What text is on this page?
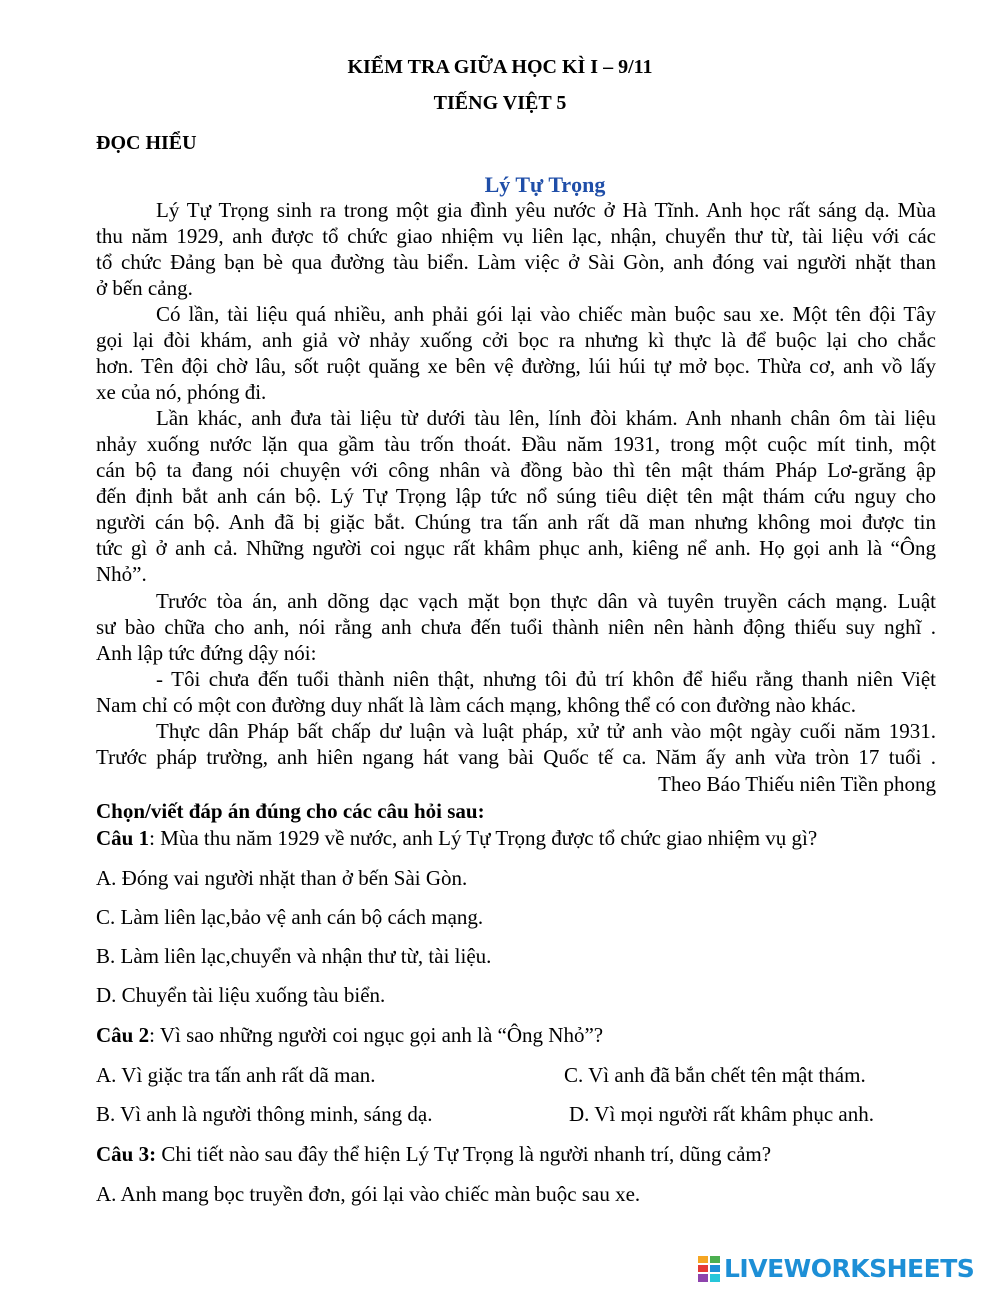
KIỂM TRA GIỮA HỌC KÌ I – 9/11
TIẾNG VIỆT 5
ĐỌC HIỂU
Lý Tự Trọng
Lý Tự Trọng sinh ra trong một gia đình yêu nước ở Hà Tĩnh. Anh học rất sáng dạ. Mùa
thu năm 1929, anh được tổ chức giao nhiệm vụ liên lạc, nhận, chuyển thư từ, tài liệu với các
tổ chức Đảng bạn bè qua đường tàu biển. Làm việc ở Sài Gòn, anh đóng vai người nhặt than
ở bến cảng.
Có lần, tài liệu quá nhiều, anh phải gói lại vào chiếc màn buộc sau xe. Một tên đội Tây
gọi lại đòi khám, anh giả vờ nhảy xuống cởi bọc ra nhưng kì thực là để buộc lại cho chắc
hơn. Tên đội chờ lâu, sốt ruột quăng xe bên vệ đường, lúi húi tự mở bọc. Thừa cơ, anh vồ lấy
xe của nó, phóng đi.
Lần khác, anh đưa tài liệu từ dưới tàu lên, lính đòi khám. Anh nhanh chân ôm tài liệu
nhảy xuống nước lặn qua gầm tàu trốn thoát. Đầu năm 1931, trong một cuộc mít tinh, một
cán bộ ta đang nói chuyện với công nhân và đồng bào thì tên mật thám Pháp Lơ-grăng ập
đến định bắt anh cán bộ. Lý Tự Trọng lập tức nổ súng tiêu diệt tên mật thám cứu nguy cho
người cán bộ. Anh đã bị giặc bắt. Chúng tra tấn anh rất dã man nhưng không moi được tin
tức gì ở anh cả. Những người coi ngục rất khâm phục anh, kiêng nể anh. Họ gọi anh là “Ông
Nhỏ”.
Trước tòa án, anh dõng dạc vạch mặt bọn thực dân và tuyên truyền cách mạng. Luật
sư bào chữa cho anh, nói rằng anh chưa đến tuổi thành niên nên hành động thiếu suy nghĩ .
Anh lập tức đứng dậy nói:
- Tôi chưa đến tuổi thành niên thật, nhưng tôi đủ trí khôn để hiểu rằng thanh niên Việt
Nam chỉ có một con đường duy nhất là làm cách mạng, không thể có con đường nào khác.
Thực dân Pháp bất chấp dư luận và luật pháp, xử tử anh vào một ngày cuối năm 1931.
Trước pháp trường, anh hiên ngang hát vang bài Quốc tế ca. Năm ấy anh vừa tròn 17 tuổi .
Theo Báo Thiếu niên Tiền phong
Chọn/viết đáp án đúng cho các câu hỏi sau:
Câu 1: Mùa thu năm 1929 về nước, anh Lý Tự Trọng được tổ chức giao nhiệm vụ gì?
A. Đóng vai người nhặt than ở bến Sài Gòn.
C. Làm liên lạc,bảo vệ anh cán bộ cách mạng.
B. Làm liên lạc,chuyển và nhận thư từ, tài liệu.
D. Chuyển tài liệu xuống tàu biển.
Câu 2: Vì sao những người coi ngục gọi anh là “Ông Nhỏ”?
A. Vì giặc tra tấn anh rất dã man.	C. Vì anh đã bắn chết tên mật thám.
B. Vì anh là người thông minh, sáng dạ.	D. Vì mọi người rất khâm phục anh.
Câu 3: Chi tiết nào sau đây thể hiện Lý Tự Trọng là người nhanh trí, dũng cảm?
A. Anh mang bọc truyền đơn, gói lại vào chiếc màn buộc sau xe.
LIVEWORKSHEETS
